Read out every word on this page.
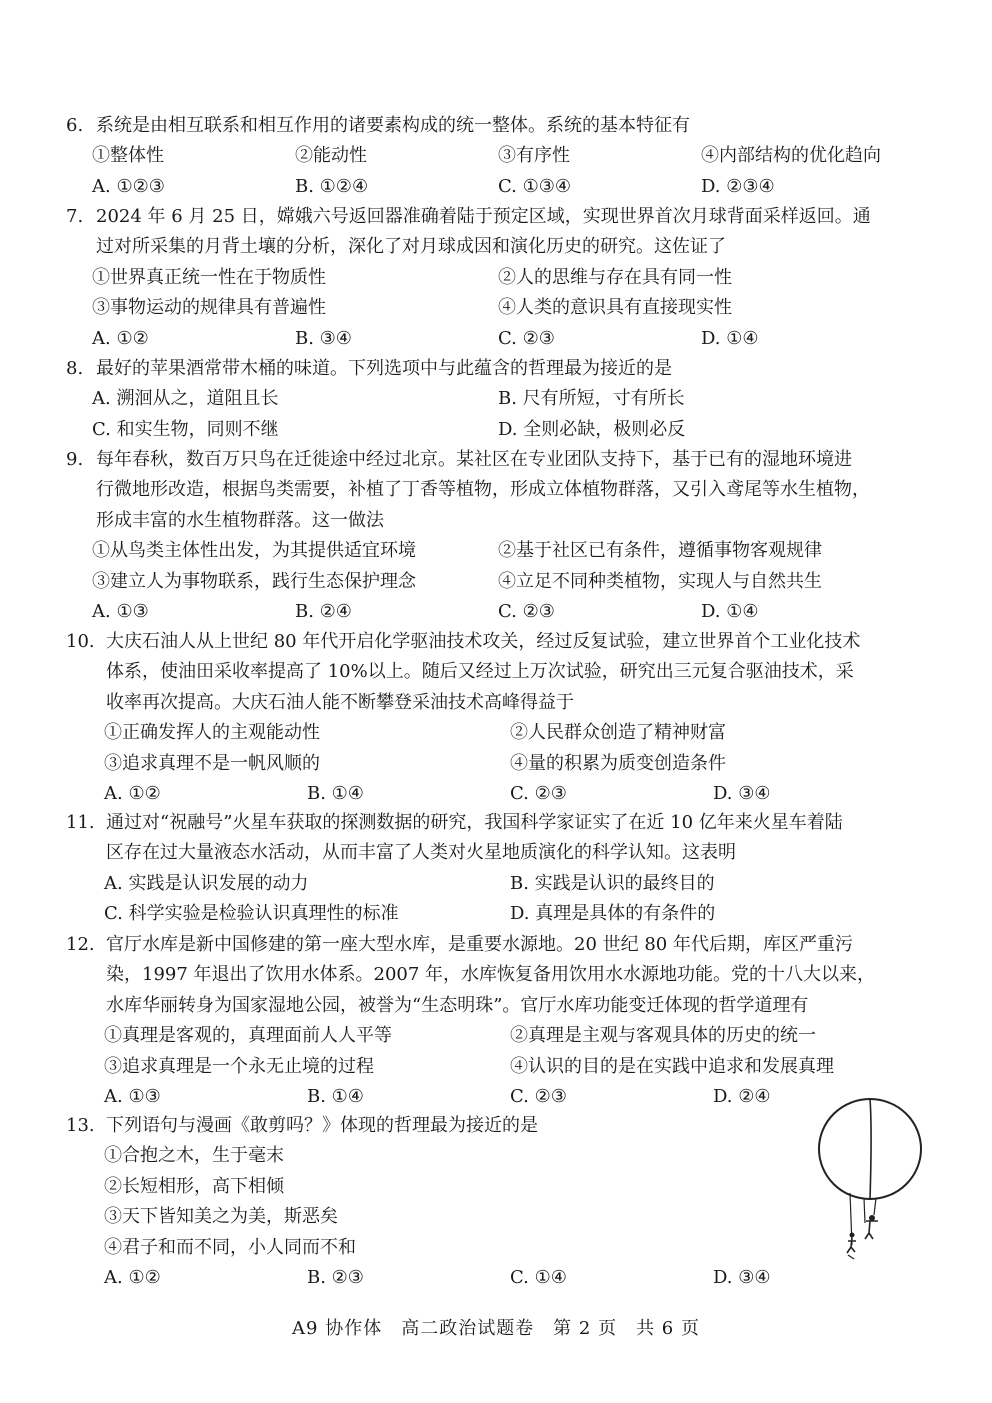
6. 系统是由相互联系和相互作用的诸要素构成的统一整体。系统的基本特征有
①整体性	②能动性	③有序性	④内部结构的优化趋向
A. ①②③	B. ①②④	C. ①③④	D. ②③④
7. 2024 年 6 月 25 日，嫦娥六号返回器准确着陆于预定区域，实现世界首次月球背面采样返回。通
过对所采集的月背土壤的分析，深化了对月球成因和演化历史的研究。这佐证了
①世界真正统一性在于物质性	②人的思维与存在具有同一性
③事物运动的规律具有普遍性	④人类的意识具有直接现实性
A. ①②	B. ③④	C. ②③	D. ①④
8. 最好的苹果酒常带木桶的味道。下列选项中与此蕴含的哲理最为接近的是
A. 溯洄从之，道阻且长	B. 尺有所短，寸有所长
C. 和实生物，同则不继	D. 全则必缺，极则必反
9. 每年春秋，数百万只鸟在迁徙途中经过北京。某社区在专业团队支持下，基于已有的湿地环境进
行微地形改造，根据鸟类需要，补植了丁香等植物，形成立体植物群落，又引入鸢尾等水生植物，
形成丰富的水生植物群落。这一做法
①从鸟类主体性出发，为其提供适宜环境	②基于社区已有条件，遵循事物客观规律
③建立人为事物联系，践行生态保护理念	④立足不同种类植物，实现人与自然共生
A. ①③	B. ②④	C. ②③	D. ①④
10. 大庆石油人从上世纪 80 年代开启化学驱油技术攻关，经过反复试验，建立世界首个工业化技术
体系，使油田采收率提高了 10%以上。随后又经过上万次试验，研究出三元复合驱油技术，采
收率再次提高。大庆石油人能不断攀登采油技术高峰得益于
①正确发挥人的主观能动性	②人民群众创造了精神财富
③追求真理不是一帆风顺的	④量的积累为质变创造条件
A. ①②	B. ①④	C. ②③	D. ③④
11. 通过对“祝融号”火星车获取的探测数据的研究，我国科学家证实了在近 10 亿年来火星车着陆
区存在过大量液态水活动，从而丰富了人类对火星地质演化的科学认知。这表明
A. 实践是认识发展的动力	B. 实践是认识的最终目的
C. 科学实验是检验认识真理性的标准	D. 真理是具体的有条件的
12. 官厅水库是新中国修建的第一座大型水库，是重要水源地。20 世纪 80 年代后期，库区严重污
染，1997 年退出了饮用水体系。2007 年，水库恢复备用饮用水水源地功能。党的十八大以来，
水库华丽转身为国家湿地公园，被誉为“生态明珠”。官厅水库功能变迁体现的哲学道理有
①真理是客观的，真理面前人人平等	②真理是主观与客观具体的历史的统一
③追求真理是一个永无止境的过程	④认识的目的是在实践中追求和发展真理
A. ①③	B. ①④	C. ②③	D. ②④
13. 下列语句与漫画《敢剪吗？》体现的哲理最为接近的是
①合抱之木，生于毫末
②长短相形，高下相倾
③天下皆知美之为美，斯恶矣
④君子和而不同，小人同而不和
A. ①②	B. ②③	C. ①④	D. ③④
A9 协作体　高二政治试题卷　第 2 页　共 6 页
